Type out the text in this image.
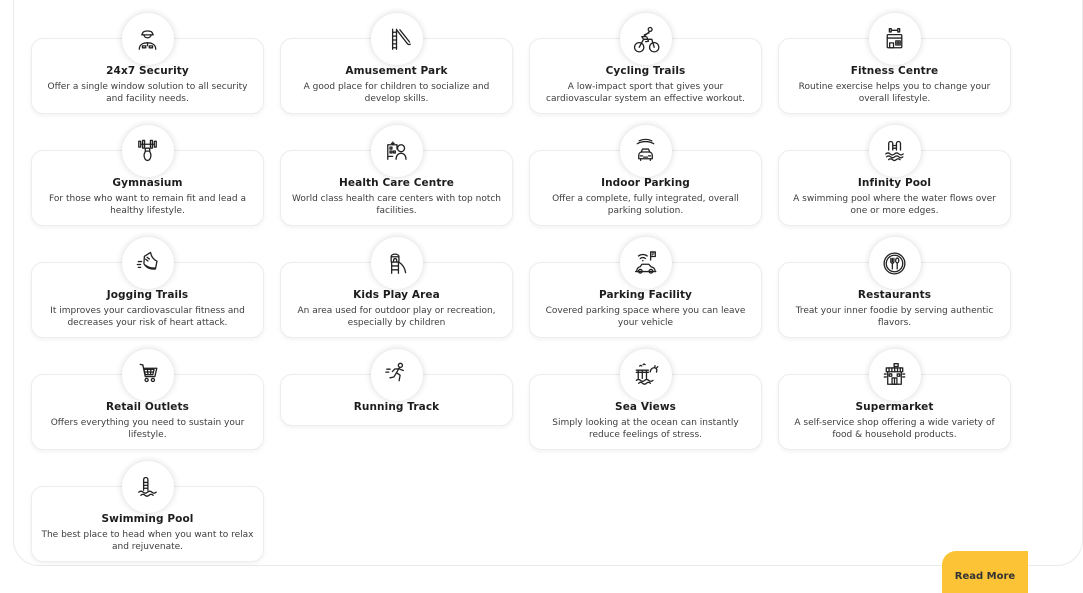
24x7 Security
Offer a single window solution to all security and facility needs.
Amusement Park
A good place for children to socialize and develop skills.
Cycling Trails
A low-impact sport that gives your cardiovascular system an effective workout.
Fitness Centre
Routine exercise helps you to change your overall lifestyle.
Gymnasium
For those who want to remain fit and lead a healthy lifestyle.
Health Care Centre
World class health care centers with top notch facilities.
Indoor Parking
Offer a complete, fully integrated, overall parking solution.
Infinity Pool
A swimming pool where the water flows over one or more edges.
Jogging Trails
It improves your cardiovascular fitness and decreases your risk of heart attack.
Kids Play Area
An area used for outdoor play or recreation, especially by children
P
Parking Facility
Covered parking space where you can leave your vehicle
Restaurants
Treat your inner foodie by serving authentic flavors.
Retail Outlets
Offers everything you need to sustain your lifestyle.
Running Track	Sea Views
Simply looking at the ocean can instantly reduce feelings of stress.
Supermarket
A self-service shop offering a wide variety of food & household products.
Swimming Pool
The best place to head when you want to relax and rejuvenate.
Read More
